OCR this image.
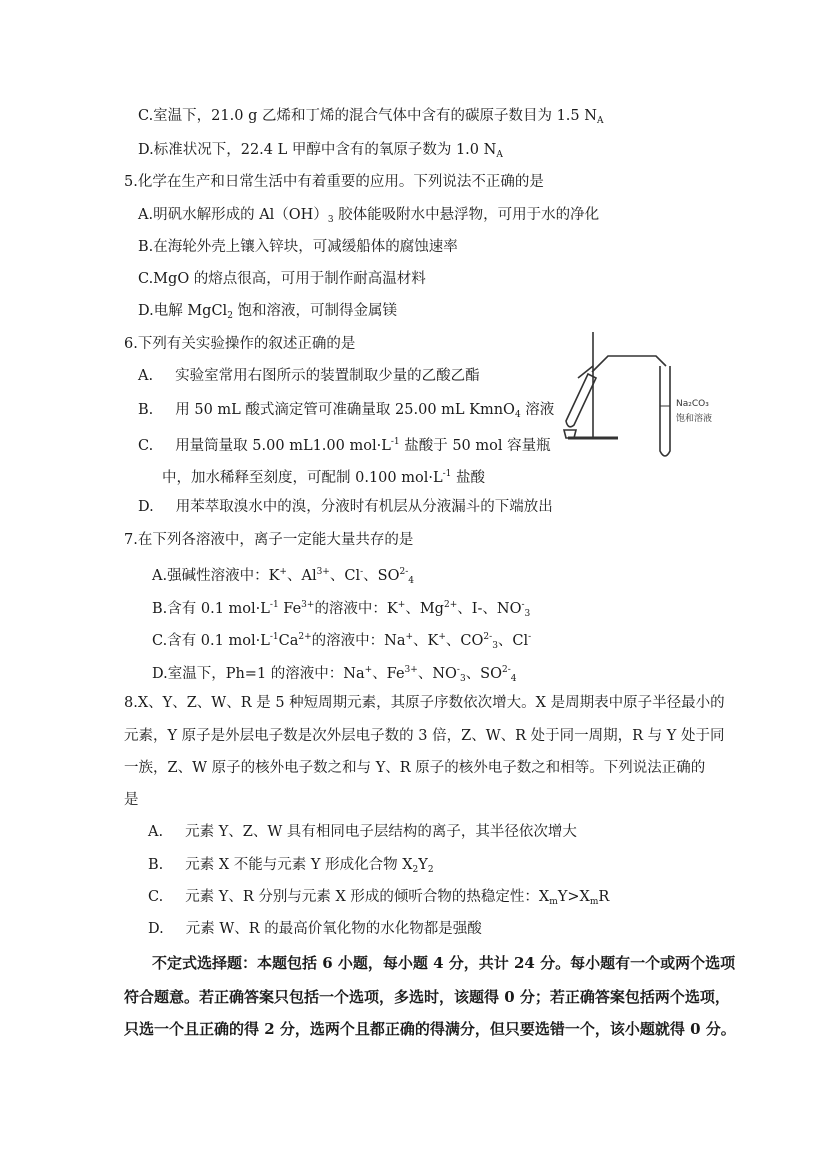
C.室温下，21.0 g 乙烯和丁烯的混合气体中含有的碳原子数目为 1.5 $N_A$
D.标准状况下，22.4 L 甲醇中含有的氧原子数为 1.0 $N_A$
5.化学在生产和日常生活中有着重要的应用。下列说法不正确的是
A.明矾水解形成的 $Al(OH)_3$ 胶体能吸附水中悬浮物，可用于水的净化
B.在海轮外壳上镶入锌块，可减缓船体的腐蚀速率
C.MgO 的熔点很高，可用于制作耐高温材料
D.电解 MgCl$_2$ 饱和溶液，可制得金属镁
6.下列有关实验操作的叙述正确的是
A. 实验室常用右图所示的装置制取少量的乙酸乙酯
B. 用 50 mL 酸式滴定管可准确量取 25.00 mL KmnO$_4$ 溶液
C. 用量筒量取 5.00 mL1.00 $mol\cdot L^{-1}$ 盐酸于 50 mol 容量瓶
中，加水稀释至刻度，可配制 0.100 $mol\cdot L^{-1}$ 盐酸
D. 用苯萃取溴水中的溴，分液时有机层从分液漏斗的下端放出
Na₂CO₃
饱和溶液
7.在下列各溶液中，离子一定能大量共存的是
A.强碱性溶液中：K+、$Al^{3+}$、Cl-、$SO^{2-}_4$
B.含有 0.1 $mol\cdot L^{-1}$ $Fe^{3+}$的溶液中：K+、$Mg^{2+}$、I-、$NO^-_3$
C.含有 0.1 $mol\cdot L^{-1}Ca^{2+}$的溶液中：Na+、K+、$CO^{2-}_3$、Cl-
D.室温下，Ph=1 的溶液中：Na+、$Fe^{3+}$、$NO^-_3$、$SO^{2-}_4$
8.X、Y、Z、W、R 是 5 种短周期元素，其原子序数依次增大。X 是周期表中原子半径最小的
元素，Y 原子是外层电子数是次外层电子数的 3 倍，Z、W、R 处于同一周期，R 与 Y 处于同
一族，Z、W 原子的核外电子数之和与 Y、R 原子的核外电子数之和相等。下列说法正确的
是
A. 元素 Y、Z、W 具有相同电子层结构的离子，其半径依次增大
B. 元素 X 不能与元素 Y 形成化合物 $X_2Y_2$
C. 元素 Y、R 分别与元素 X 形成的倾听合物的热稳定性：$X_mY>X_mR$
D. 元素 W、R 的最高价氧化物的水化物都是强酸
不定式选择题：本题包括 6 小题，每小题 4 分，共计 24 分。每小题有一个或两个选项
符合题意。若正确答案只包括一个选项，多选时，该题得 0 分；若正确答案包括两个选项，
只选一个且正确的得 2 分，选两个且都正确的得满分，但只要选错一个，该小题就得 0 分。
